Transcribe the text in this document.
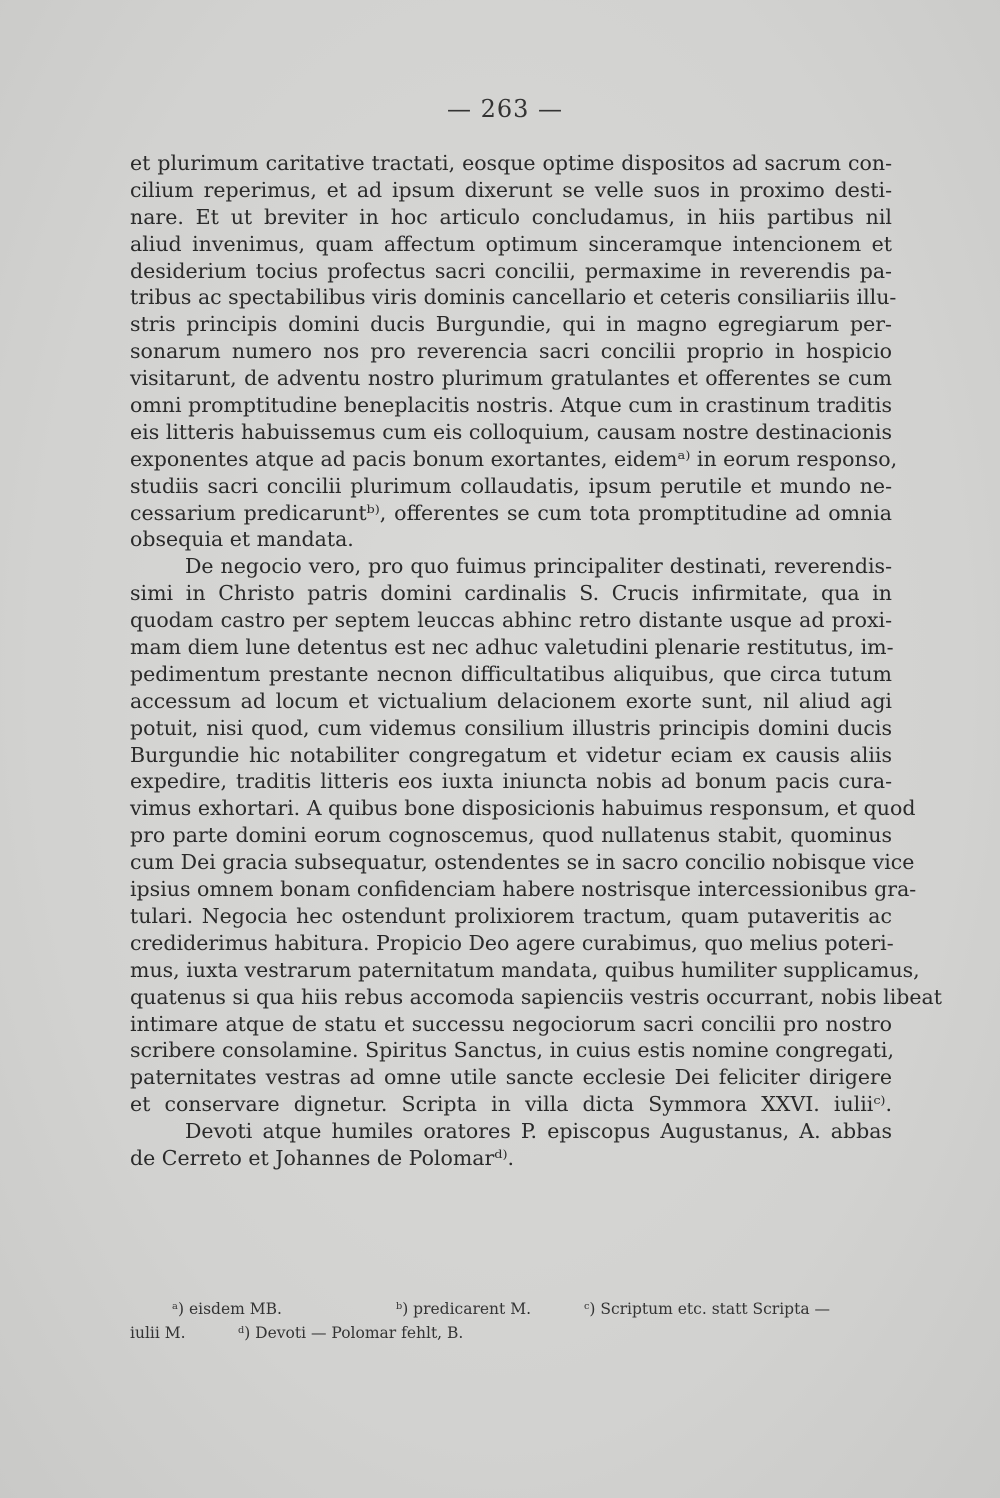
— 263 —
et plurimum caritative tractati, eosque optime dispositos ad sacrum con-
cilium reperimus, et ad ipsum dixerunt se velle suos in proximo desti-
nare. Et ut breviter in hoc articulo concludamus, in hiis partibus nil
aliud invenimus, quam affectum optimum sinceramque intencionem et
desiderium tocius profectus sacri concilii, permaxime in reverendis pa-
tribus ac spectabilibus viris dominis cancellario et ceteris consiliariis illu-
stris principis domini ducis Burgundie, qui in magno egregiarum per-
sonarum numero nos pro reverencia sacri concilii proprio in hospicio
visitarunt, de adventu nostro plurimum gratulantes et offerentes se cum
omni promptitudine beneplacitis nostris. Atque cum in crastinum traditis
eis litteris habuissemus cum eis colloquium, causam nostre destinacionis
exponentes atque ad pacis bonum exortantes, eidemᵃ⁾ in eorum responso,
studiis sacri concilii plurimum collaudatis, ipsum perutile et mundo ne-
cessarium predicaruntᵇ⁾, offerentes se cum tota promptitudine ad omnia
obsequia et mandata.
De negocio vero, pro quo fuimus principaliter destinati, reverendis-
simi in Christo patris domini cardinalis S. Crucis infirmitate, qua in
quodam castro per septem leuccas abhinc retro distante usque ad proxi-
mam diem lune detentus est nec adhuc valetudini plenarie restitutus, im-
pedimentum prestante necnon difficultatibus aliquibus, que circa tutum
accessum ad locum et victualium delacionem exorte sunt, nil aliud agi
potuit, nisi quod, cum videmus consilium illustris principis domini ducis
Burgundie hic notabiliter congregatum et videtur eciam ex causis aliis
expedire, traditis litteris eos iuxta iniuncta nobis ad bonum pacis cura-
vimus exhortari. A quibus bone disposicionis habuimus responsum, et quod
pro parte domini eorum cognoscemus, quod nullatenus stabit, quominus
cum Dei gracia subsequatur, ostendentes se in sacro concilio nobisque vice
ipsius omnem bonam confidenciam habere nostrisque intercessionibus gra-
tulari. Negocia hec ostendunt prolixiorem tractum, quam putaveritis ac
crediderimus habitura. Propicio Deo agere curabimus, quo melius poteri-
mus, iuxta vestrarum paternitatum mandata, quibus humiliter supplicamus,
quatenus si qua hiis rebus accomoda sapienciis vestris occurrant, nobis libeat
intimare atque de statu et successu negociorum sacri concilii pro nostro
scribere consolamine. Spiritus Sanctus, in cuius estis nomine congregati,
paternitates vestras ad omne utile sancte ecclesie Dei feliciter dirigere
et conservare dignetur. Scripta in villa dicta Symmora XXVI. iuliiᶜ⁾.
Devoti atque humiles oratores P. episcopus Augustanus, A. abbas
de Cerreto et Johannes de Polomarᵈ⁾.
ᵃ) eisdem MB.	ᵇ) predicarent M.	ᶜ) Scriptum etc. statt Scripta —
iulii M.	ᵈ) Devoti — Polomar fehlt, B.
